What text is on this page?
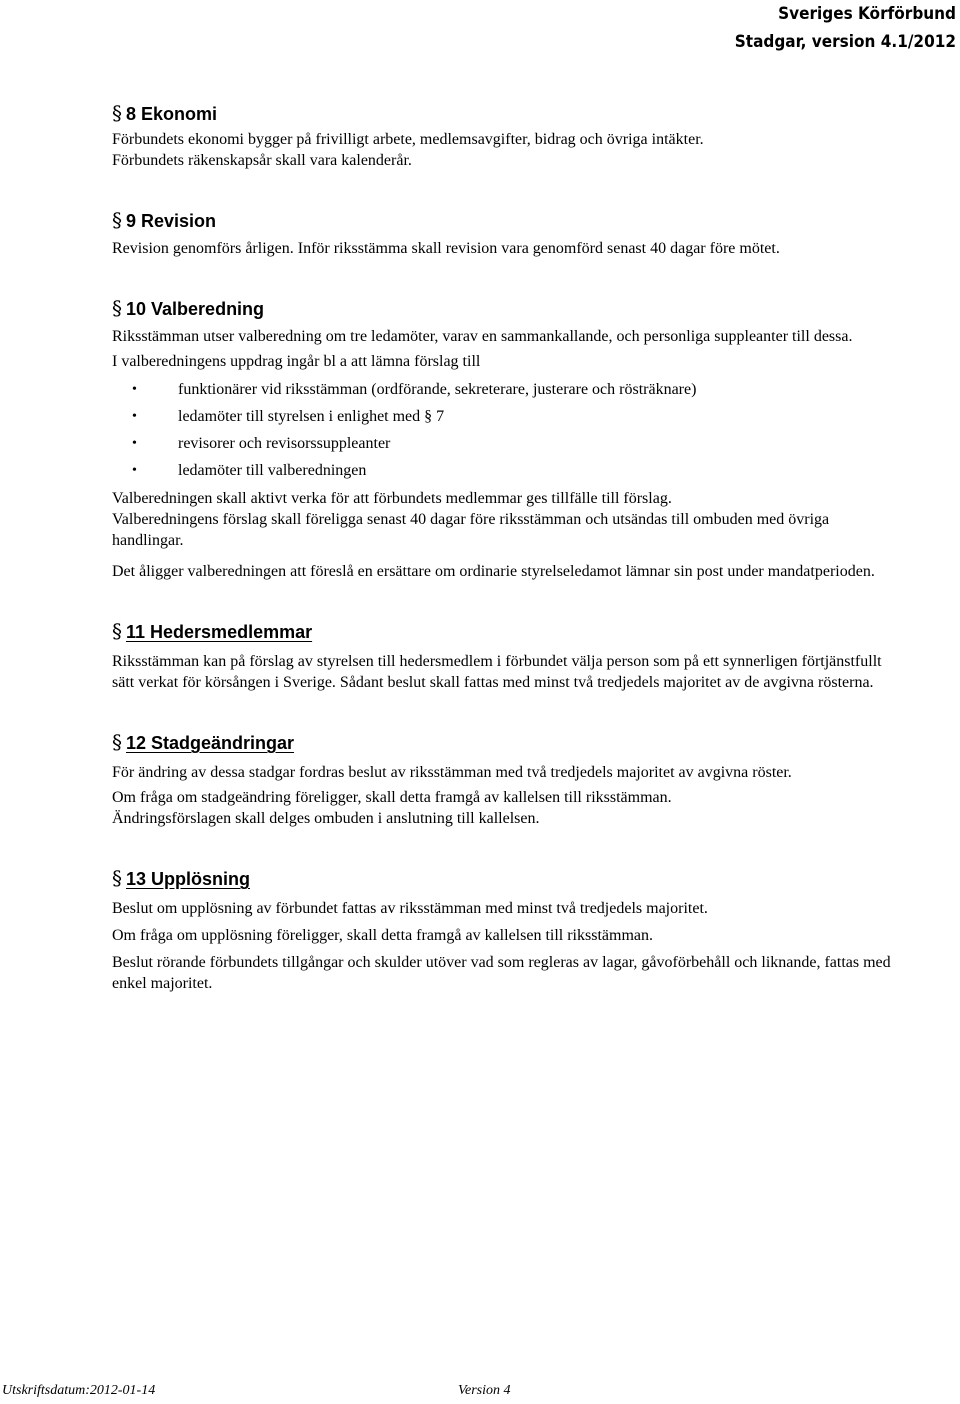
Sveriges Körförbund
Stadgar, version 4.1/2012
§ 8 Ekonomi

Förbundets ekonomi bygger på frivilligt arbete, medlemsavgifter, bidrag och övriga intäkter.

Förbundets räkenskapsår skall vara kalenderår.

§ 9 Revision

Revision genomförs årligen. Inför riksstämma skall revision vara genomförd senast 40 dagar före mötet.

§ 10 Valberedning

Riksstämman utser valberedning om tre ledamöter, varav en sammankallande, och personliga suppleanter till dessa.

I valberedningens uppdrag ingår bl a att lämna förslag till

•	funktionärer vid riksstämman (ordförande, sekreterare, justerare och rösträknare)
•	ledamöter till styrelsen i enlighet med § 7
•	revisorer och revisorssuppleanter
•	ledamöter till valberedningen

Valberedningen skall aktivt verka för att förbundets medlemmar ges tillfälle till förslag.

Valberedningens förslag skall föreligga senast 40 dagar före riksstämman och utsändas till ombuden med övriga handlingar.

Det åligger valberedningen att föreslå en ersättare om ordinarie styrelseledamot lämnar sin post under mandatperioden.

§ 11 Hedersmedlemmar

Riksstämman kan på förslag av styrelsen till hedersmedlem i förbundet välja person som på ett synnerligen förtjänstfullt sätt verkat för körsången i Sverige. Sådant beslut skall fattas med minst två tredjedels majoritet av de avgivna rösterna.

§ 12 Stadgeändringar

För ändring av dessa stadgar fordras beslut av riksstämman med två tredjedels majoritet av avgivna röster.

Om fråga om stadgeändring föreligger, skall detta framgå av kallelsen till riksstämman.

Ändringsförslagen skall delges ombuden i anslutning till kallelsen.

§ 13 Upplösning

Beslut om upplösning av förbundet fattas av riksstämman med minst två tredjedels majoritet.

Om fråga om upplösning föreligger, skall detta framgå av kallelsen till riksstämman.

Beslut rörande förbundets tillgångar och skulder utöver vad som regleras av lagar, gåvoförbehåll och liknande, fattas med enkel majoritet.

Utskriftsdatum:2012-01-14	Version 4
